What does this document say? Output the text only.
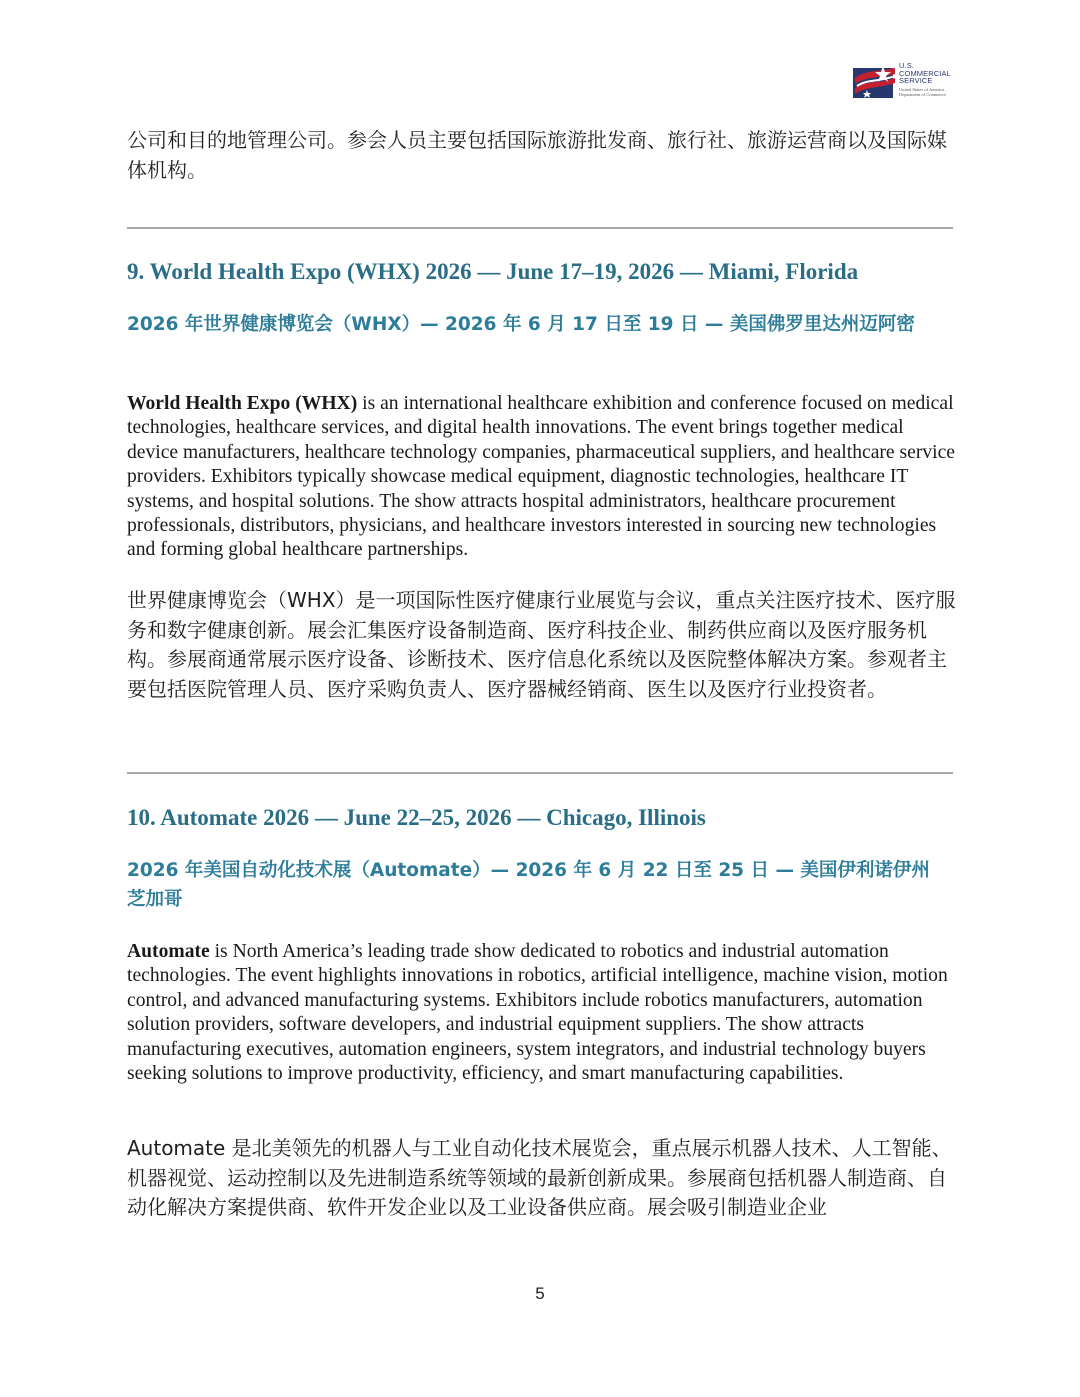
U.S.
COMMERCIAL
SERVICE
United States of America Department of Commerce

公司和目的地管理公司。参会人员主要包括国际旅游批发商、旅行社、旅游运营商以及国际媒体机构。

9. World Health Expo (WHX) 2026 — June 17–19, 2026 — Miami, Florida
2026 年世界健康博览会（WHX）— 2026 年 6 月 17 日至 19 日 — 美国佛罗里达州迈阿密

World Health Expo (WHX) is an international healthcare exhibition and conference focused on medical technologies, healthcare services, and digital health innovations. The event brings together medical device manufacturers, healthcare technology companies, pharmaceutical suppliers, and healthcare service providers. Exhibitors typically showcase medical equipment, diagnostic technologies, healthcare IT systems, and hospital solutions. The show attracts hospital administrators, healthcare procurement professionals, distributors, physicians, and healthcare investors interested in sourcing new technologies and forming global healthcare partnerships.

世界健康博览会（WHX）是一项国际性医疗健康行业展览与会议，重点关注医疗技术、医疗服务和数字健康创新。展会汇集医疗设备制造商、医疗科技企业、制药供应商以及医疗服务机构。参展商通常展示医疗设备、诊断技术、医疗信息化系统以及医院整体解决方案。参观者主要包括医院管理人员、医疗采购负责人、医疗器械经销商、医生以及医疗行业投资者。

10. Automate 2026 — June 22–25, 2026 — Chicago, Illinois
2026 年美国自动化技术展（Automate）— 2026 年 6 月 22 日至 25 日 — 美国伊利诺伊州芝加哥

Automate is North America’s leading trade show dedicated to robotics and industrial automation technologies. The event highlights innovations in robotics, artificial intelligence, machine vision, motion control, and advanced manufacturing systems. Exhibitors include robotics manufacturers, automation solution providers, software developers, and industrial equipment suppliers. The show attracts manufacturing executives, automation engineers, system integrators, and industrial technology buyers seeking solutions to improve productivity, efficiency, and smart manufacturing capabilities.

Automate 是北美领先的机器人与工业自动化技术展览会，重点展示机器人技术、人工智能、机器视觉、运动控制以及先进制造系统等领域的最新创新成果。参展商包括机器人制造商、自动化解决方案提供商、软件开发企业以及工业设备供应商。展会吸引制造业企业

5
